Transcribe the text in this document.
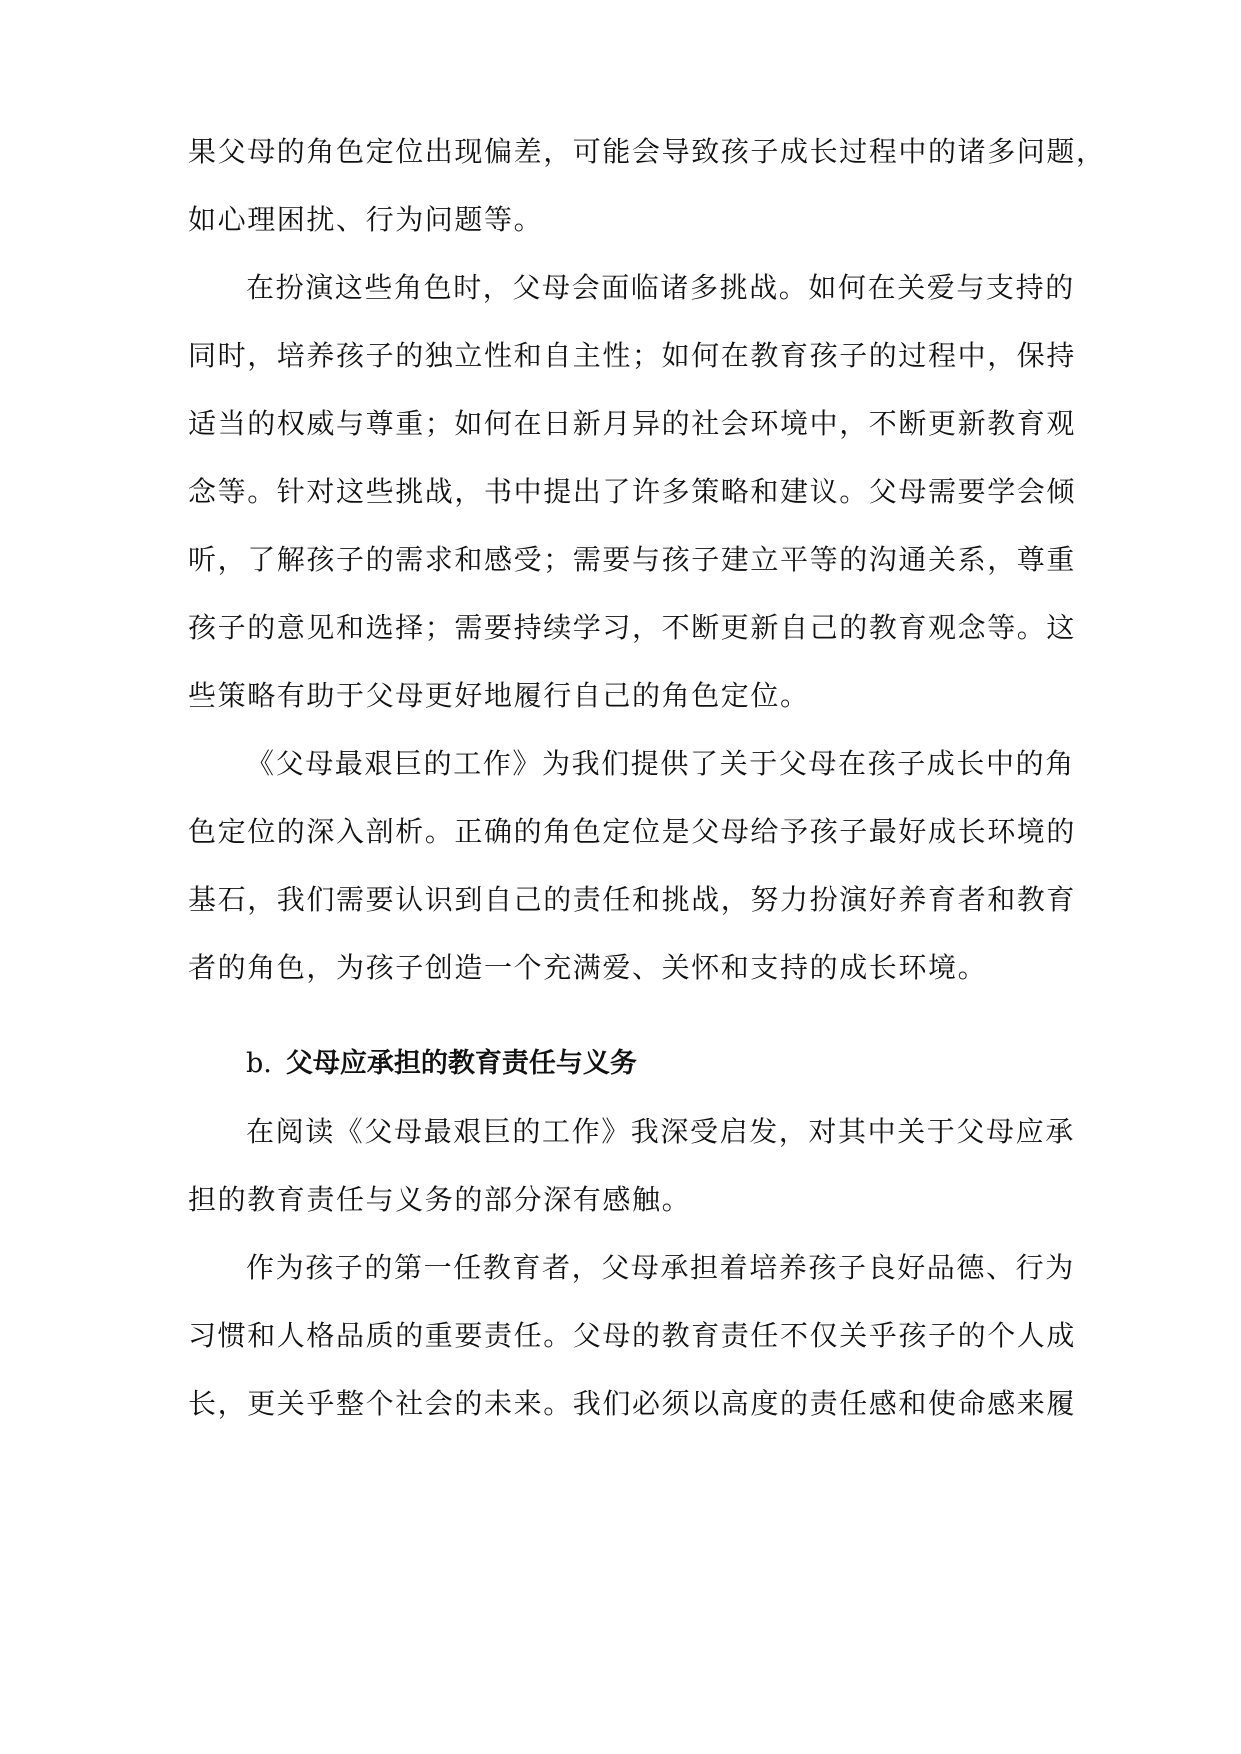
果父母的角色定位出现偏差，可能会导致孩子成长过程中的诸多问题，
如心理困扰、行为问题等。
在扮演这些角色时，父母会面临诸多挑战。如何在关爱与支持的
同时，培养孩子的独立性和自主性；如何在教育孩子的过程中，保持
适当的权威与尊重；如何在日新月异的社会环境中，不断更新教育观
念等。针对这些挑战，书中提出了许多策略和建议。父母需要学会倾
听，了解孩子的需求和感受；需要与孩子建立平等的沟通关系，尊重
孩子的意见和选择；需要持续学习，不断更新自己的教育观念等。这
些策略有助于父母更好地履行自己的角色定位。
《父母最艰巨的工作》为我们提供了关于父母在孩子成长中的角
色定位的深入剖析。正确的角色定位是父母给予孩子最好成长环境的
基石，我们需要认识到自己的责任和挑战，努力扮演好养育者和教育
者的角色，为孩子创造一个充满爱、关怀和支持的成长环境。
b. 父母应承担的教育责任与义务
在阅读《父母最艰巨的工作》我深受启发，对其中关于父母应承
担的教育责任与义务的部分深有感触。
作为孩子的第一任教育者，父母承担着培养孩子良好品德、行为
习惯和人格品质的重要责任。父母的教育责任不仅关乎孩子的个人成
长，更关乎整个社会的未来。我们必须以高度的责任感和使命感来履
